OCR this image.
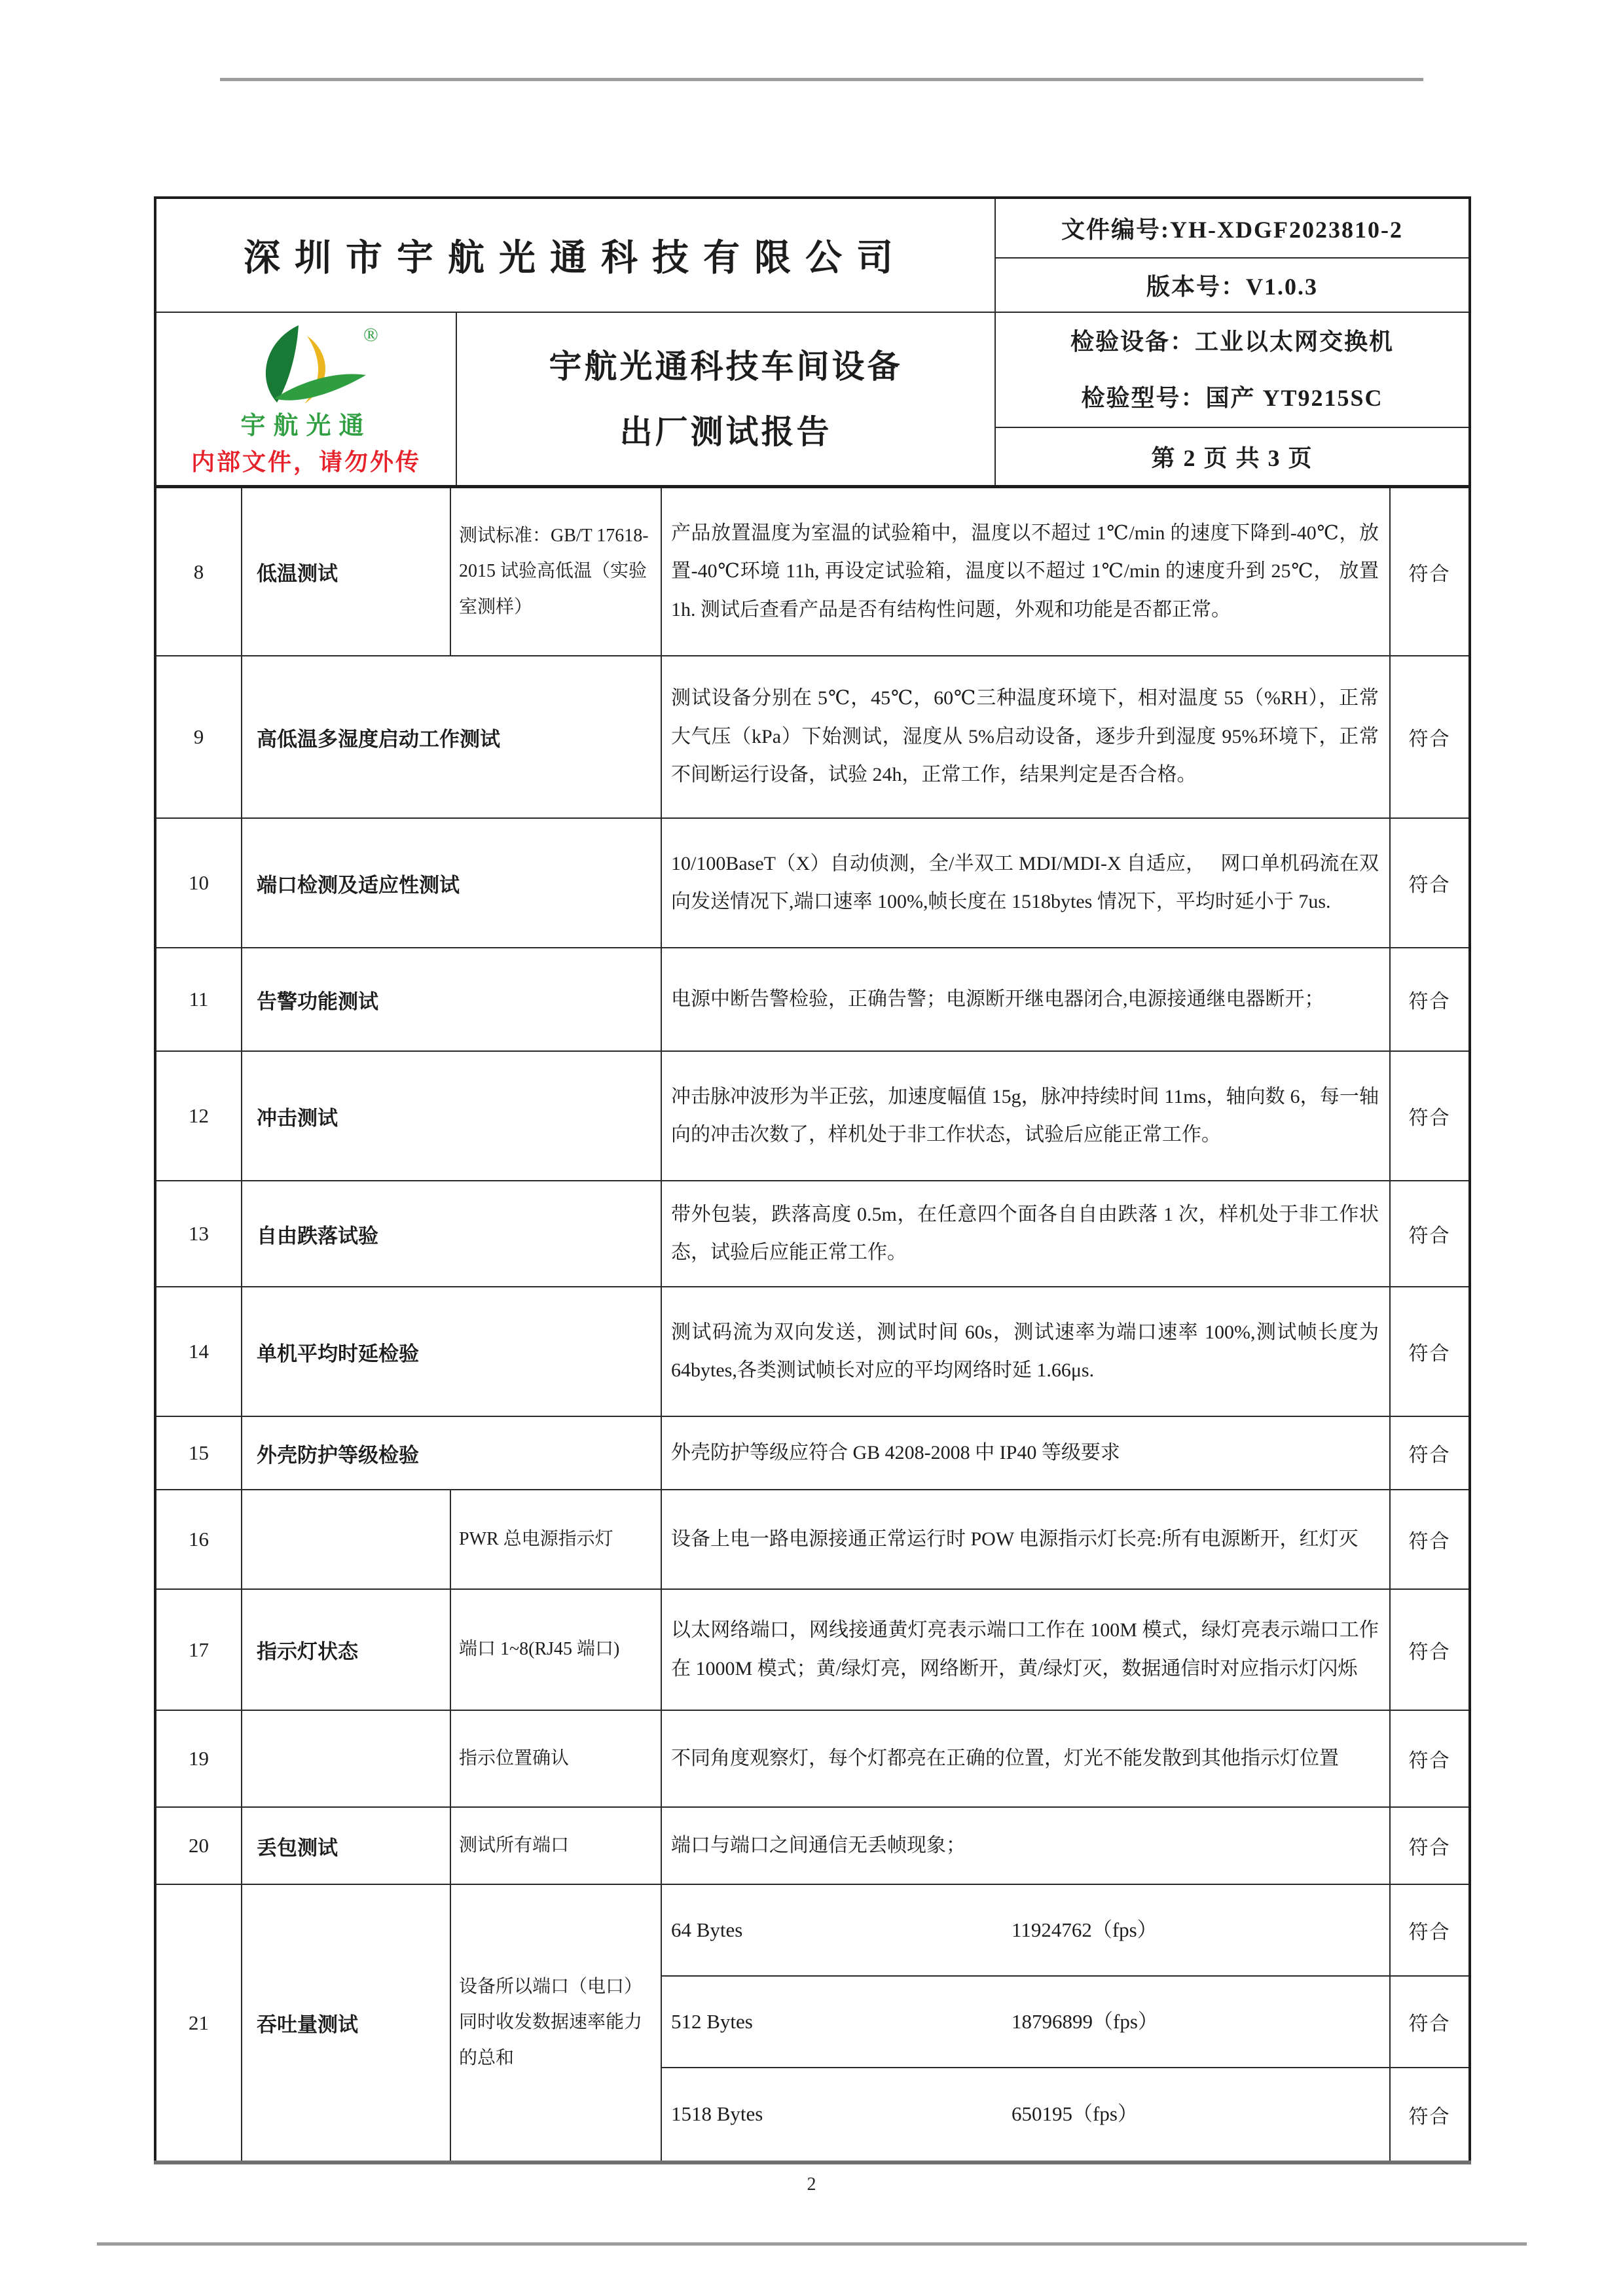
深圳市宇航光通科技有限公司		文件编号:YH-XDGF2023810-2
		版本号：V1.0.3

®
宇航光通
内部文件，请勿外传

宇航光通科技车间设备
出厂测试报告

检验设备：工业以太网交换机
检验型号：国产 YT9215SC

		第 2 页 共 3 页
8	低温测试	测试标准：GB/T 17618-2015 试验高低温（实验室测样）	产品放置温度为室温的试验箱中，温度以不超过 1℃/min 的速度下降到-40℃，放置-40℃环境 11h, 再设定试验箱，温度以不超过 1℃/min 的速度升到 25℃， 放置 1h. 测试后查看产品是否有结构性问题，外观和功能是否都正常。	符合
9	高低温多湿度启动工作测试		测试设备分别在 5℃，45℃，60℃三种温度环境下，相对温度 55（%RH），正常大气压（kPa）下始测试，湿度从 5%启动设备，逐步升到湿度 95%环境下，正常不间断运行设备，试验 24h，正常工作，结果判定是否合格。	符合
10	端口检测及适应性测试		10/100BaseT（X）自动侦测，全/半双工 MDI/MDI-X 自适应，　 网口单机码流在双向发送情况下,端口速率 100%,帧长度在 1518bytes 情况下，平均时延小于 7us.	符合
11	告警功能测试		电源中断告警检验，正确告警；电源断开继电器闭合,电源接通继电器断开；	符合
12	冲击测试		冲击脉冲波形为半正弦，加速度幅值 15g，脉冲持续时间 11ms，轴向数 6，每一轴向的冲击次数了，样机处于非工作状态，试验后应能正常工作。	符合
13	自由跌落试验		带外包装，跌落高度 0.5m，在任意四个面各自自由跌落 1 次，样机处于非工作状态，试验后应能正常工作。	符合
14	单机平均时延检验		测试码流为双向发送，测试时间 60s，测试速率为端口速率 100%,测试帧长度为 64bytes,各类测试帧长对应的平均网络时延 1.66μs.	符合
15	外壳防护等级检验		外壳防护等级应符合 GB 4208-2008 中 IP40 等级要求	符合
16		PWR 总电源指示灯	设备上电一路电源接通正常运行时 POW 电源指示灯长亮:所有电源断开，红灯灭	符合
17	指示灯状态	端口 1~8(RJ45 端口)	以太网络端口，网线接通黄灯亮表示端口工作在 100M 模式，绿灯亮表示端口工作在 1000M 模式；黄/绿灯亮，网络断开，黄/绿灯灭，数据通信时对应指示灯闪烁	符合
19		指示位置确认	不同角度观察灯，每个灯都亮在正确的位置，灯光不能发散到其他指示灯位置	符合
20	丢包测试	测试所有端口	端口与端口之间通信无丢帧现象；	符合
21	吞吐量测试	设备所以端口（电口）同时收发数据速率能力的总和	64 Bytes 11924762（fps）	符合

			512 Bytes 18796899（fps）	符合

			1518 Bytes 650195（fps）	符合
2
